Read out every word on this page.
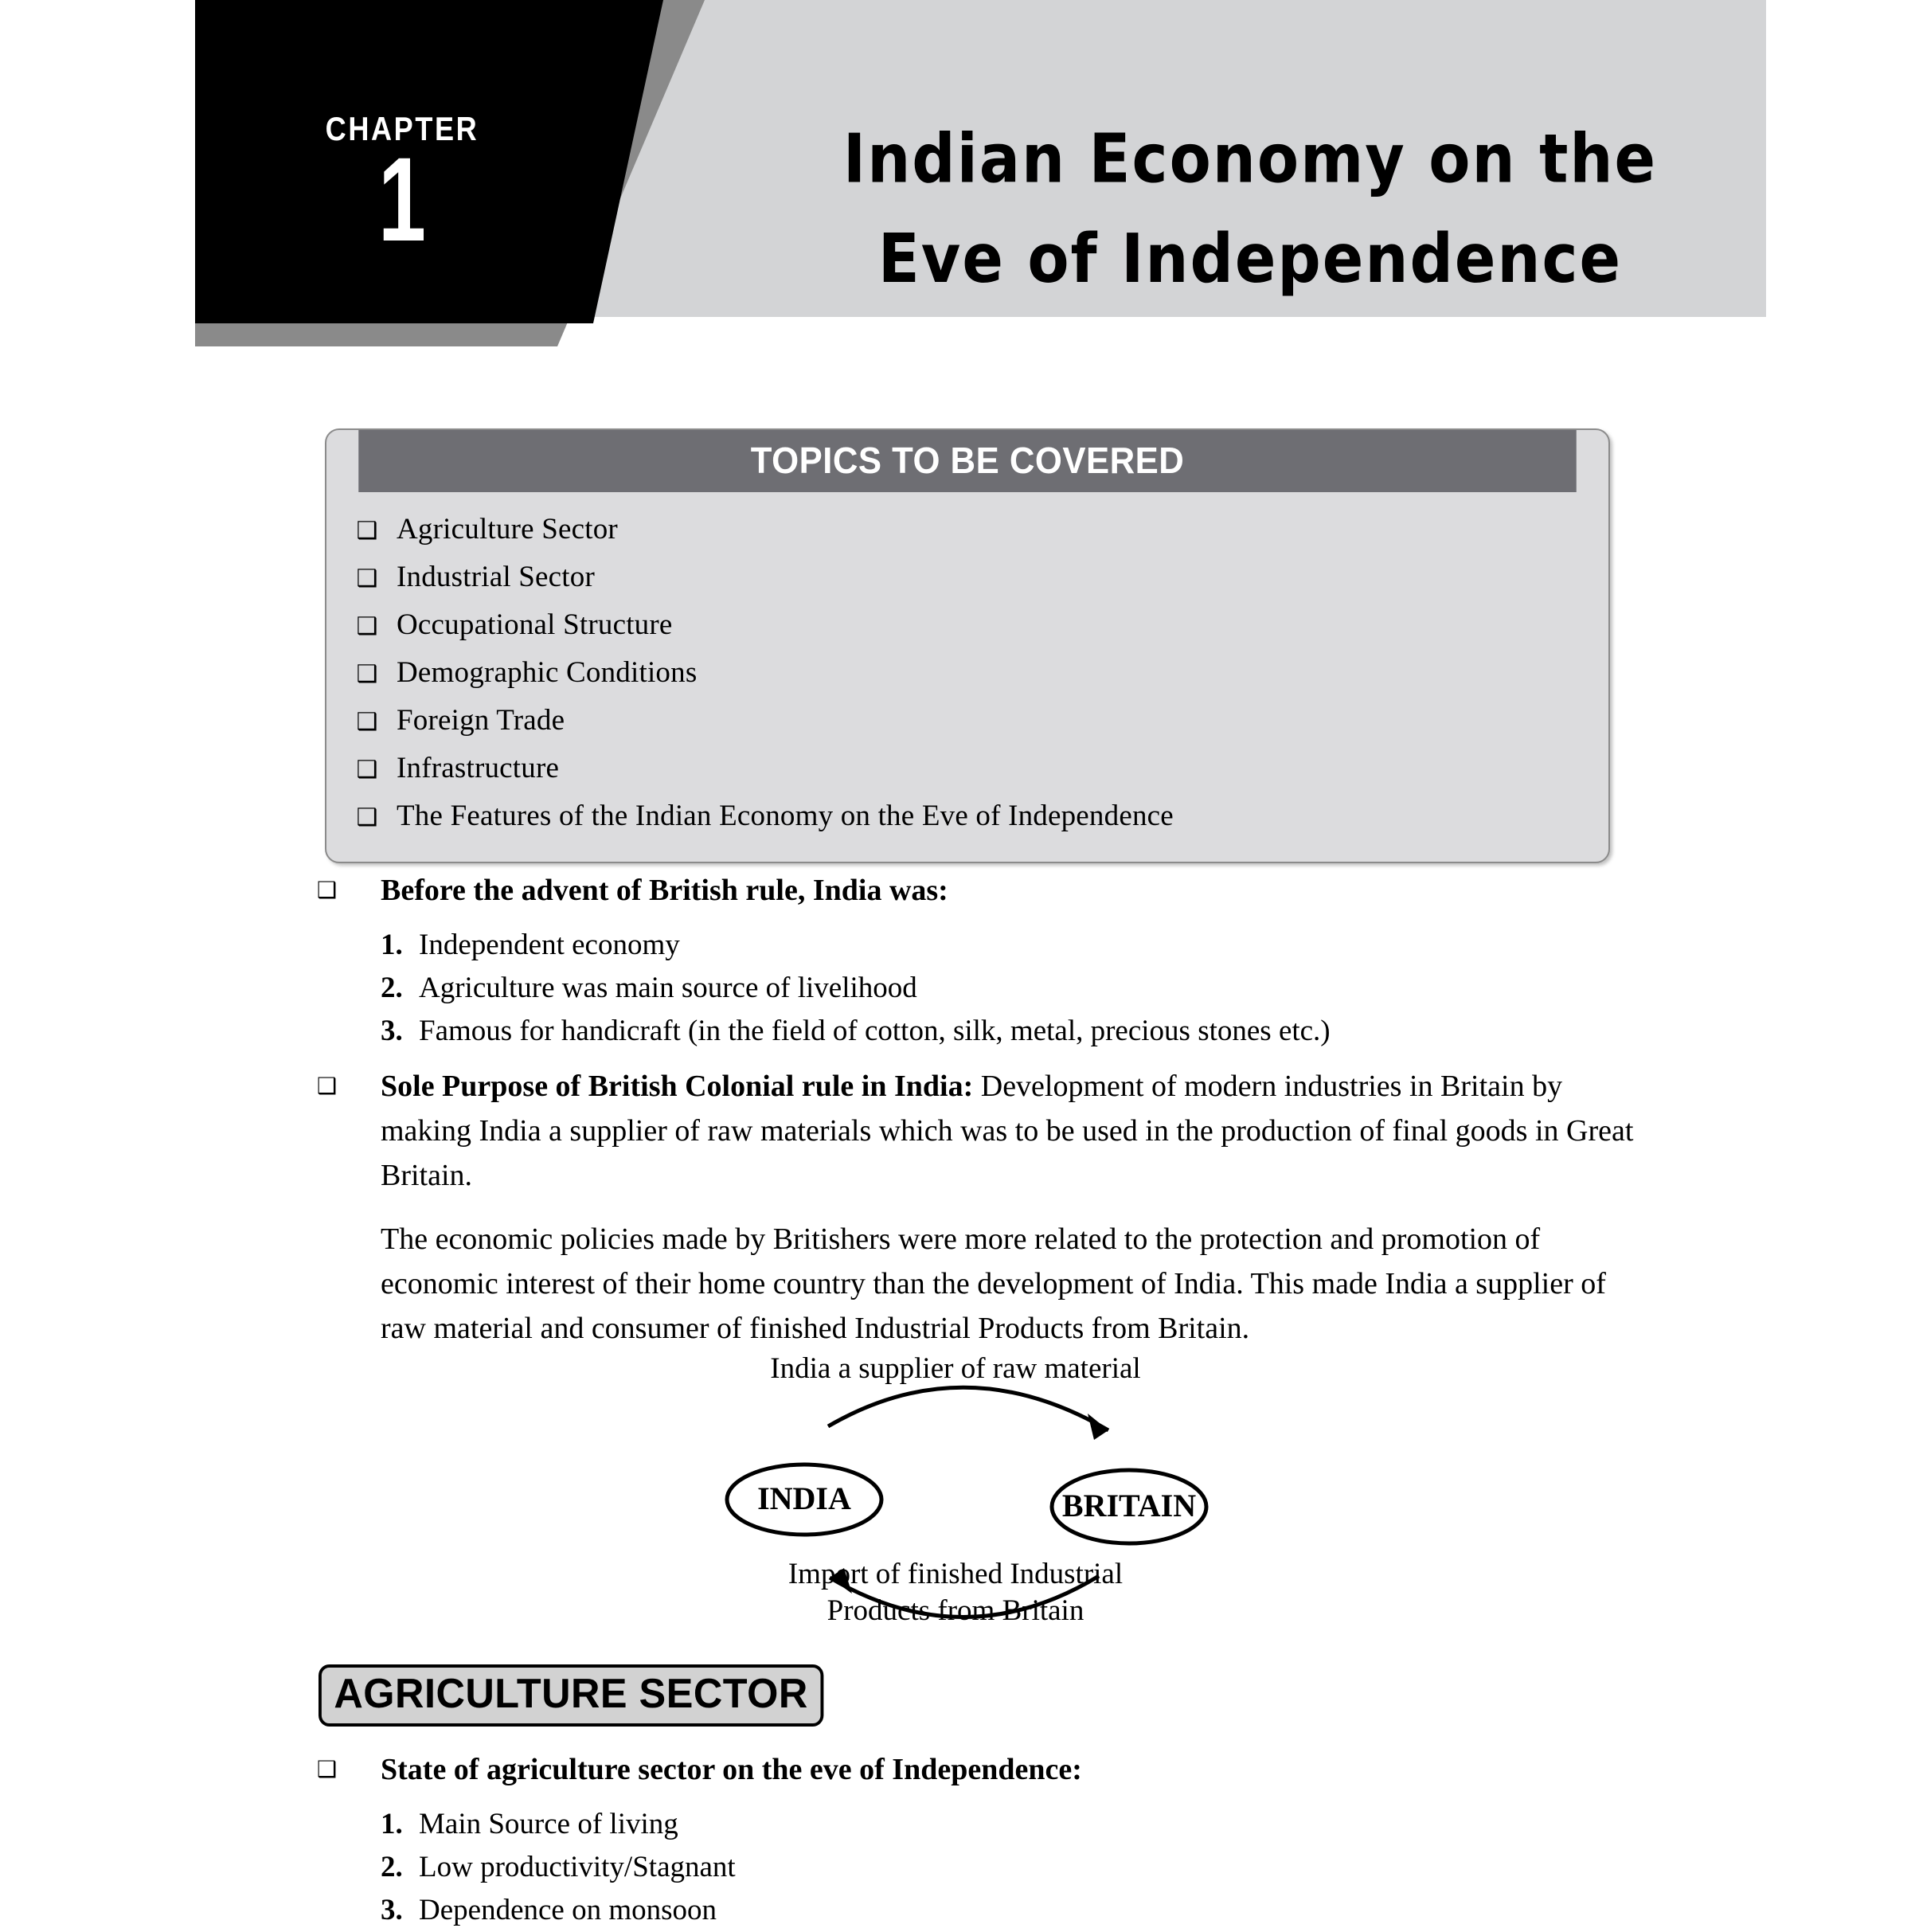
CHAPTER
1	Indian Economy on the
Eve of Independence
TOPICS TO BE COVERED
❑ Agriculture Sector
❑ Industrial Sector
❑ Occupational Structure
❑ Demographic Conditions
❑ Foreign Trade
❑ Infrastructure
❑ The Features of the Indian Economy on the Eve of Independence
❑	Before the advent of British rule, India was:
1. Independent economy
2. Agriculture was main source of livelihood
3. Famous for handicraft (in the field of cotton, silk, metal, precious stones etc.)
❑	Sole Purpose of British Colonial rule in India: Development of modern industries in Britain by making India a supplier of raw materials which was to be used in the production of final goods in Great Britain.
The economic policies made by Britishers were more related to the protection and promotion of economic interest of their home country than the development of India. This made India a supplier of raw material and consumer of finished Industrial Products from Britain.
India a supplier of raw material
INDIA	BRITAIN
Import of finished Industrial
Products from Britain
AGRICULTURE SECTOR
❑	State of agriculture sector on the eve of Independence:
1. Main Source of living
2. Low productivity/Stagnant
3. Dependence on monsoon
